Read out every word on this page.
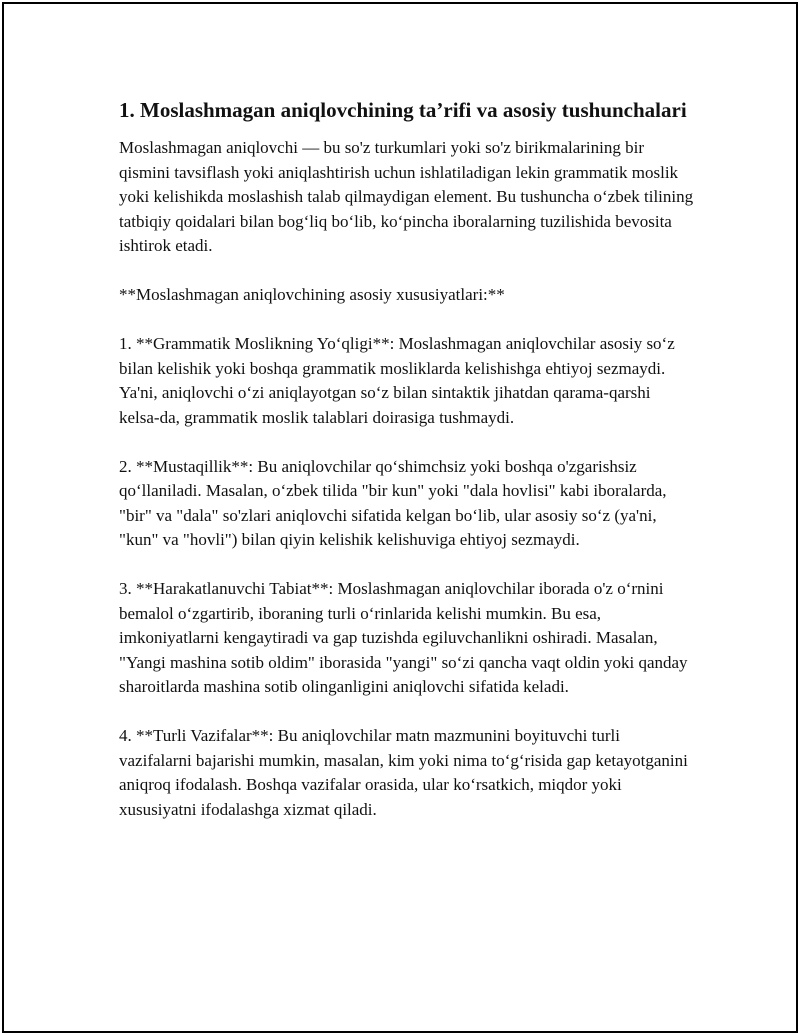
1. Moslashmagan aniqlovchining ta’rifi va asosiy tushunchalari

Moslashmagan aniqlovchi — bu so'z turkumlari yoki so'z birikmalarining bir qismini tavsiflash yoki aniqlashtirish uchun ishlatiladigan lekin grammatik moslik yoki kelishikda moslashish talab qilmaydigan element. Bu tushuncha o‘zbek tilining tatbiqiy qoidalari bilan bog‘liq bo‘lib, ko‘pincha iboralarning tuzilishida bevosita ishtirok etadi.

**Moslashmagan aniqlovchining asosiy xususiyatlari:**

1. **Grammatik Moslikning Yo‘qligi**: Moslashmagan aniqlovchilar asosiy so‘z bilan kelishik yoki boshqa grammatik mosliklarda kelishishga ehtiyoj sezmaydi. Ya'ni, aniqlovchi o‘zi aniqlayotgan so‘z bilan sintaktik jihatdan qarama-qarshi kelsa-da, grammatik moslik talablari doirasiga tushmaydi.

2. **Mustaqillik**: Bu aniqlovchilar qo‘shimchsiz yoki boshqa o'zgarishsiz qo‘llaniladi. Masalan, o‘zbek tilida "bir kun" yoki "dala hovlisi" kabi iboralarda, "bir" va "dala" so'zlari aniqlovchi sifatida kelgan bo‘lib, ular asosiy so‘z (ya'ni, "kun" va "hovli") bilan qiyin kelishik kelishuviga ehtiyoj sezmaydi.

3. **Harakatlanuvchi Tabiat**: Moslashmagan aniqlovchilar iborada o'z o‘rnini bemalol o‘zgartirib, iboraning turli o‘rinlarida kelishi mumkin. Bu esa, imkoniyatlarni kengaytiradi va gap tuzishda egiluvchanlikni oshiradi. Masalan, "Yangi mashina sotib oldim" iborasida "yangi" so‘zi qancha vaqt oldin yoki qanday sharoitlarda mashina sotib olinganligini aniqlovchi sifatida keladi.

4. **Turli Vazifalar**: Bu aniqlovchilar matn mazmunini boyituvchi turli vazifalarni bajarishi mumkin, masalan, kim yoki nima to‘g‘risida gap ketayotganini aniqroq ifodalash. Boshqa vazifalar orasida, ular ko‘rsatkich, miqdor yoki xususiyatni ifodalashga xizmat qiladi.
